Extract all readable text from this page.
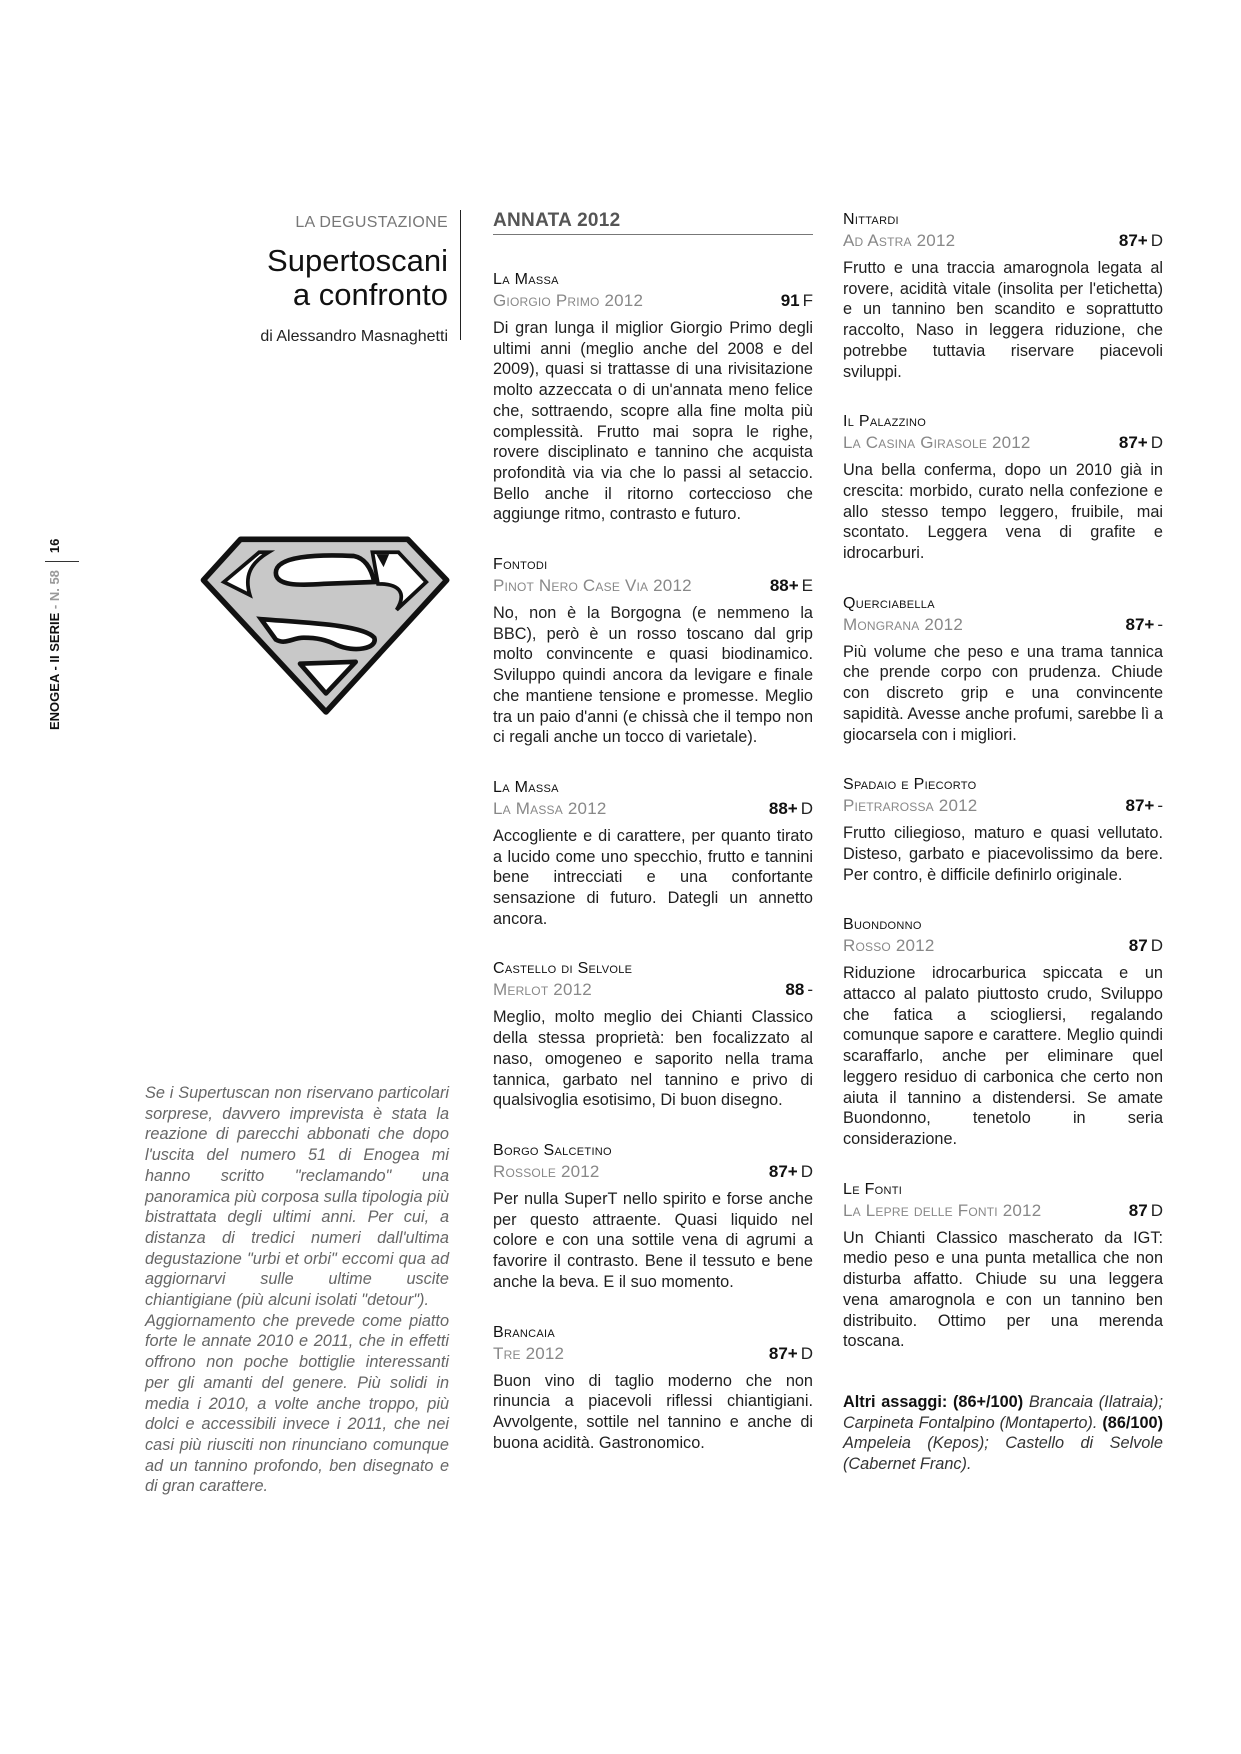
ENOGEA - II SERIE

- N. 58
16
LA DEGUSTAZIONE
Supertoscani
a confronto
di Alessandro Masnaghetti

Se i Supertuscan non riservano particolari sorprese, davvero imprevista è stata la reazione di parecchi abbonati che dopo l'uscita del numero 51 di Enogea mi hanno scritto "reclamando" una panoramica più corposa sulla tipologia più bistrattata degli ultimi anni. Per cui, a distanza di tredici numeri dall'ultima degustazione "urbi et orbi" eccomi qua ad aggiornarvi sulle ultime uscite chiantigiane (più alcuni isolati "detour").

Aggiornamento che prevede come piatto forte le annate 2010 e 2011, che in effetti offrono non poche bottiglie interessanti per gli amanti del genere. Più solidi in media i 2010, a volte anche troppo, più dolci e accessibili invece i 2011, che nei casi più riusciti non rinunciano comunque ad un tannino profondo, ben disegnato e di gran carattere.

ANNATA 2012
La Massa
Giorgio Primo 2012	91 F

Di gran lunga il miglior Giorgio Primo degli ultimi anni (meglio anche del 2008 e del 2009), quasi si trattasse di una rivisitazione molto azzeccata o di un'annata meno felice che, sottraendo, scopre alla fine molta più complessità. Frutto mai sopra le righe, rovere disciplinato e tannino che acquista profondità via via che lo passi al setaccio. Bello anche il ritorno corteccioso che aggiunge ritmo, contrasto e futuro.

Fontodi
Pinot Nero Case Via 2012	88+ E

No, non è la Borgogna (e nemmeno la BBC), però è un rosso toscano dal grip molto convincente e quasi biodinamico. Sviluppo quindi ancora da levigare e finale che mantiene tensione e promesse. Meglio tra un paio d'anni (e chissà che il tempo non ci regali anche un tocco di varietale).

La Massa
La Massa 2012	88+ D

Accogliente e di carattere, per quanto tirato a lucido come uno specchio, frutto e tannini bene intrecciati e una confortante sensazione di futuro. Dategli un annetto ancora.

Castello di Selvole
Merlot 2012	88 -

Meglio, molto meglio dei Chianti Classico della stessa proprietà: ben focalizzato al naso, omogeneo e saporito nella trama tannica, garbato nel tannino e privo di qualsivoglia esotisimo, Di buon disegno.

Borgo Salcetino
Rossole 2012	87+ D

Per nulla SuperT nello spirito e forse anche per questo attraente. Quasi liquido nel colore e con una sottile vena di agrumi a favorire il contrasto. Bene il tessuto e bene anche la beva. E il suo momento.

Brancaia
Tre 2012	87+ D

Buon vino di taglio moderno che non rinuncia a piacevoli riflessi chiantigiani. Avvolgente, sottile nel tannino e anche di buona acidità. Gastronomico.

Nittardi
Ad Astra 2012	87+ D

Frutto e una traccia amarognola legata al rovere, acidità vitale (insolita per l'etichetta) e un tannino ben scandito e soprattutto raccolto, Naso in leggera riduzione, che potrebbe tuttavia riservare piacevoli sviluppi.

Il Palazzino
La Casina Girasole 2012	87+ D

Una bella conferma, dopo un 2010 già in crescita: morbido, curato nella confezione e allo stesso tempo leggero, fruibile, mai scontato. Leggera vena di grafite e idrocarburi.

Querciabella
Mongrana 2012	87+ -

Più volume che peso e una trama tannica che prende corpo con prudenza. Chiude con discreto grip e una convincente sapidità. Avesse anche profumi, sarebbe lì a giocarsela con i migliori.

Spadaio e Piecorto
Pietrarossa 2012	87+ -

Frutto ciliegioso, maturo e quasi vellutato. Disteso, garbato e piacevolissimo da bere. Per contro, è difficile definirlo originale.

Buondonno
Rosso 2012	87 D

Riduzione idrocarburica spiccata e un attacco al palato piuttosto crudo, Sviluppo che fatica a sciogliersi, regalando comunque sapore e carattere. Meglio quindi scaraffarlo, anche per eliminare quel leggero residuo di carbonica che certo non aiuta il tannino a distendersi. Se amate Buondonno, tenetolo in seria considerazione.

Le Fonti
La Lepre delle Fonti 2012	87 D

Un Chianti Classico mascherato da IGT: medio peso e una punta metallica che non disturba affatto. Chiude su una leggera vena amarognola e con un tannino ben distribuito. Ottimo per una merenda toscana.

Altri assaggi: (86+/100) Brancaia (Ilatraia); Carpineta Fontalpino (Montaperto). (86/100) Ampeleia (Kepos); Castello di Selvole (Cabernet Franc).
